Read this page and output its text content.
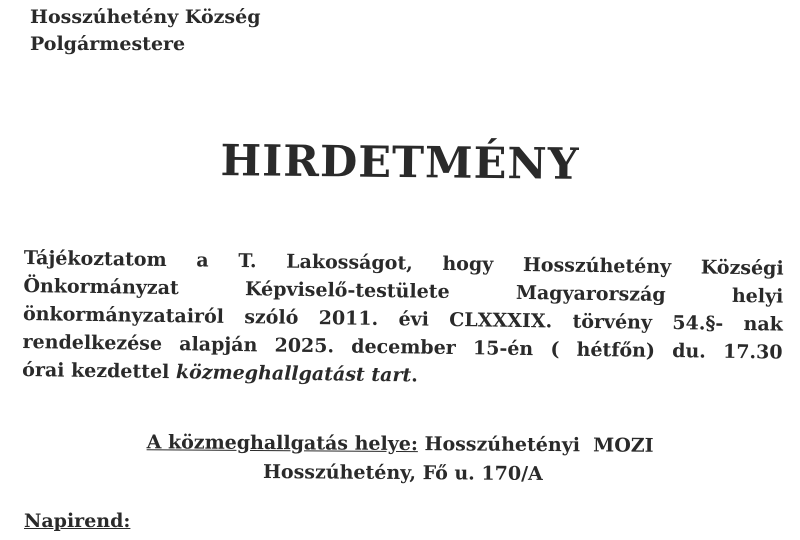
Hosszúhetény Község
Polgármestere
HIRDETMÉNY
Tájékoztatom a T. Lakosságot, hogy Hosszúhetény Községi
Önkormányzat	Képviselő-testülete	Magyarország	helyi
önkormányzatairól szóló 2011. évi CLXXXIX. törvény 54.§- nak
rendelkezése alapján 2025. december 15-én ( hétfőn) du. 17.30
órai kezdettel közmeghallgatást tart.
A közmeghallgatás helye: Hosszúhetényi  MOZI
Hosszúhetény, Fő u. 170/A
Napirend:
